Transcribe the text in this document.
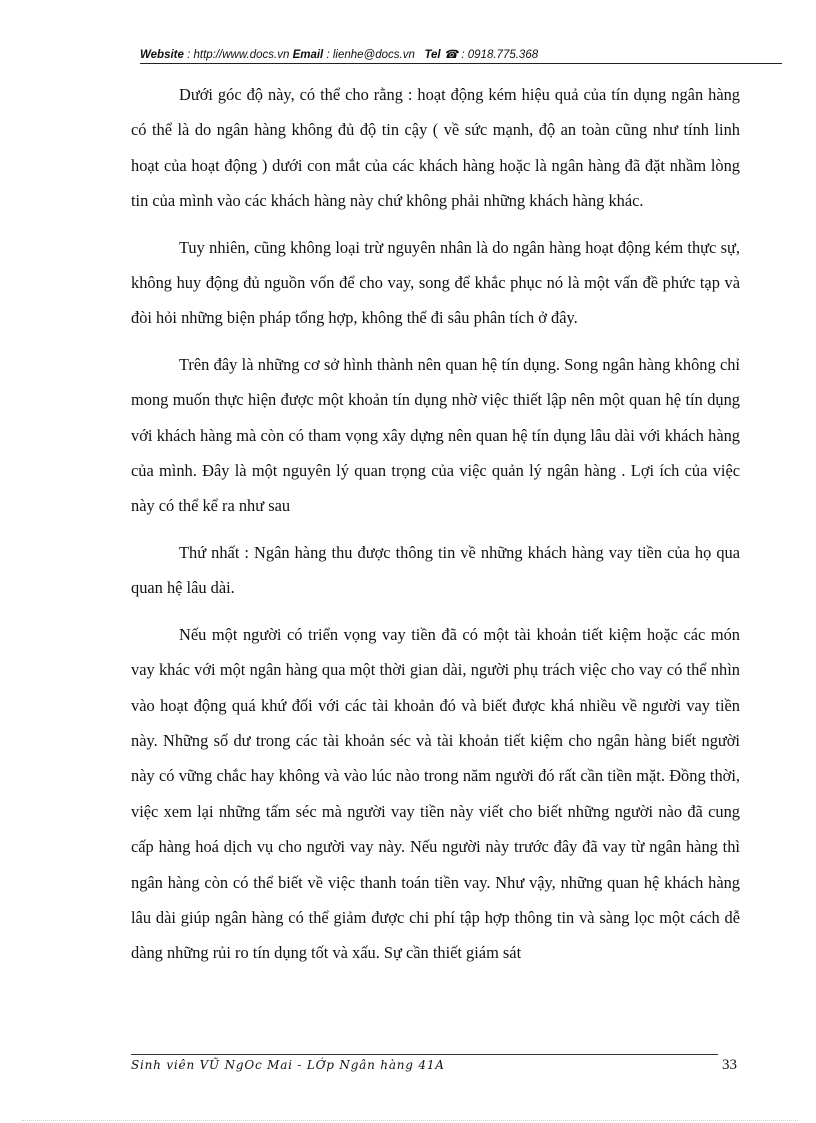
Website : http://www.docs.vn Email : lienhe@docs.vn Tel ☎ : 0918.775.368

Dưới góc độ này, có thể cho rằng : hoạt động kém hiệu quả của tín dụng ngân hàng có thể là do ngân hàng không đủ độ tin cậy ( về sức mạnh, độ an toàn cũng như tính linh hoạt của hoạt động ) dưới con mắt của các khách hàng hoặc là ngân hàng đã đặt nhầm lòng tin của mình vào các khách hàng này chứ không phải những khách hàng khác.

Tuy nhiên, cũng không loại trừ nguyên nhân là do ngân hàng hoạt động kém thực sự, không huy động đủ nguồn vốn để cho vay, song để khắc phục nó là một vấn đề phức tạp và đòi hỏi những biện pháp tổng hợp, không thể đi sâu phân tích ở đây.

Trên đây là những cơ sở hình thành nên quan hệ tín dụng. Song ngân hàng không chỉ mong muốn thực hiện được một khoản tín dụng nhờ việc thiết lập nên một quan hệ tín dụng với khách hàng mà còn có tham vọng xây dựng nên quan hệ tín dụng lâu dài với khách hàng của mình. Đây là một nguyên lý quan trọng của việc quản lý ngân hàng . Lợi ích của việc này có thể kể ra như sau

Thứ nhất : Ngân hàng thu được thông tin về những khách hàng vay tiền của họ qua quan hệ lâu dài.

Nếu một người có triển vọng vay tiền đã có một tài khoản tiết kiệm hoặc các món vay khác với một ngân hàng qua một thời gian dài, người phụ trách việc cho vay có thể nhìn vào hoạt động quá khứ đối với các tài khoản đó và biết được khá nhiều về người vay tiền này. Những số dư trong các tài khoản séc và tài khoản tiết kiệm cho ngân hàng biết người này có vững chắc hay không và vào lúc nào trong năm người đó rất cần tiền mặt. Đồng thời, việc xem lại những tấm séc mà người vay tiền này viết cho biết những người nào đã cung cấp hàng hoá dịch vụ cho người vay này. Nếu người này trước đây đã vay từ ngân hàng thì ngân hàng còn có thể biết về việc thanh toán tiền vay. Như vậy, những quan hệ khách hàng lâu dài giúp ngân hàng có thể giảm được chi phí tập hợp thông tin và sàng lọc một cách dễ dàng những rủi ro tín dụng tốt và xấu. Sự cần thiết giám sát

Sinh viên VŨ NgOc Mai - LỚp Ngân hàng 41A	33
